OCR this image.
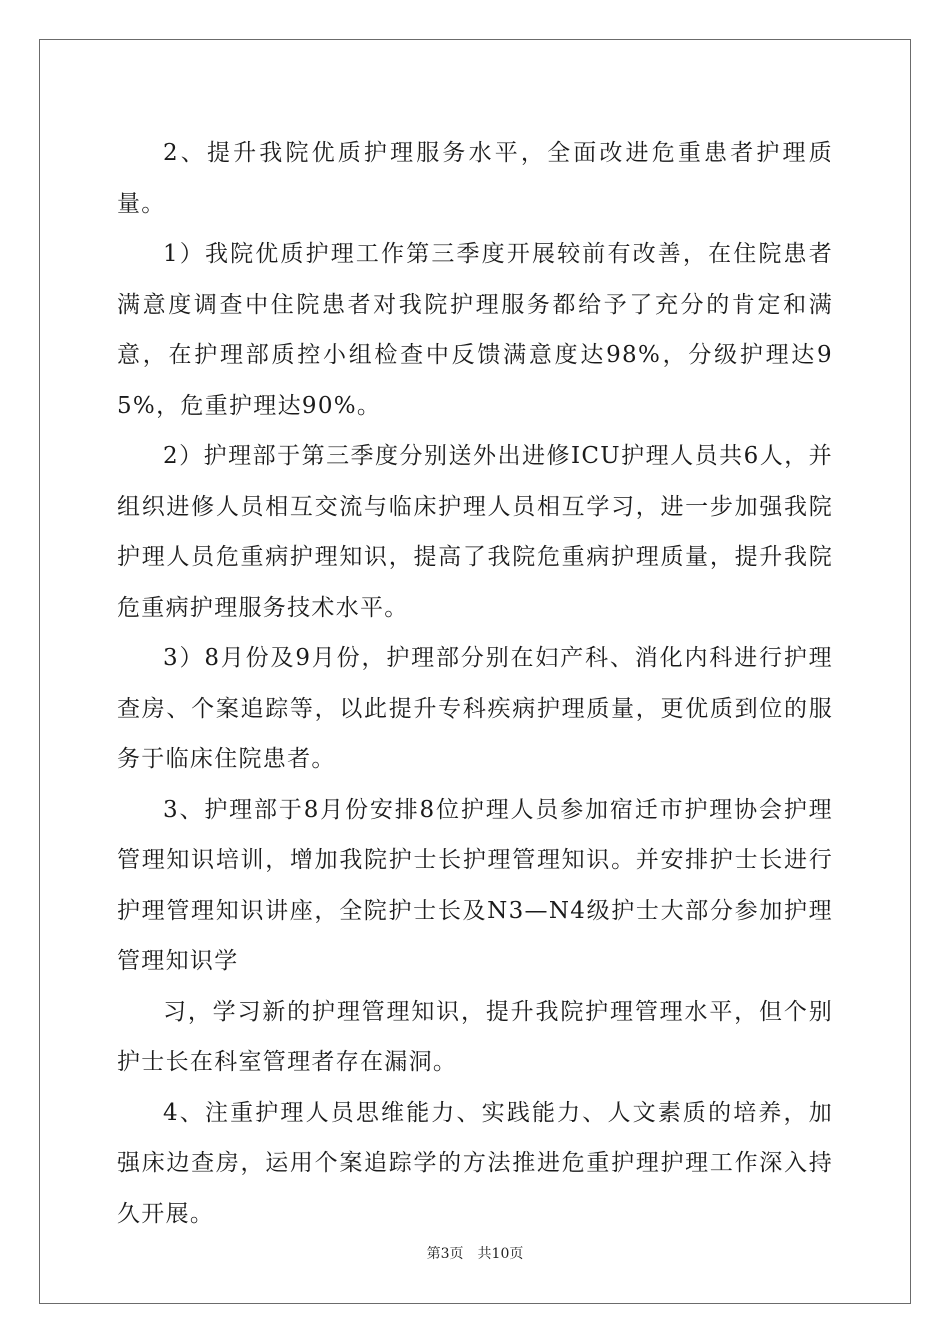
2、提升我院优质护理服务水平，全面改进危重患者护理质量。

1）我院优质护理工作第三季度开展较前有改善，在住院患者满意度调查中住院患者对我院护理服务都给予了充分的肯定和满意，在护理部质控小组检查中反馈满意度达98%，分级护理达95%，危重护理达90%。

2）护理部于第三季度分别送外出进修ICU护理人员共6人，并组织进修人员相互交流与临床护理人员相互学习，进一步加强我院护理人员危重病护理知识，提高了我院危重病护理质量，提升我院危重病护理服务技术水平。

3）8月份及9月份，护理部分别在妇产科、消化内科进行护理查房、个案追踪等，以此提升专科疾病护理质量，更优质到位的服务于临床住院患者。

3、护理部于8月份安排8位护理人员参加宿迁市护理协会护理管理知识培训，增加我院护士长护理管理知识。并安排护士长进行护理管理知识讲座，全院护士长及N3—N4级护士大部分参加护理管理知识学

习，学习新的护理管理知识，提升我院护理管理水平，但个别护士长在科室管理者存在漏洞。

4、注重护理人员思维能力、实践能力、人文素质的培养，加强床边查房，运用个案追踪学的方法推进危重护理护理工作深入持久开展。

第3页 共10页
